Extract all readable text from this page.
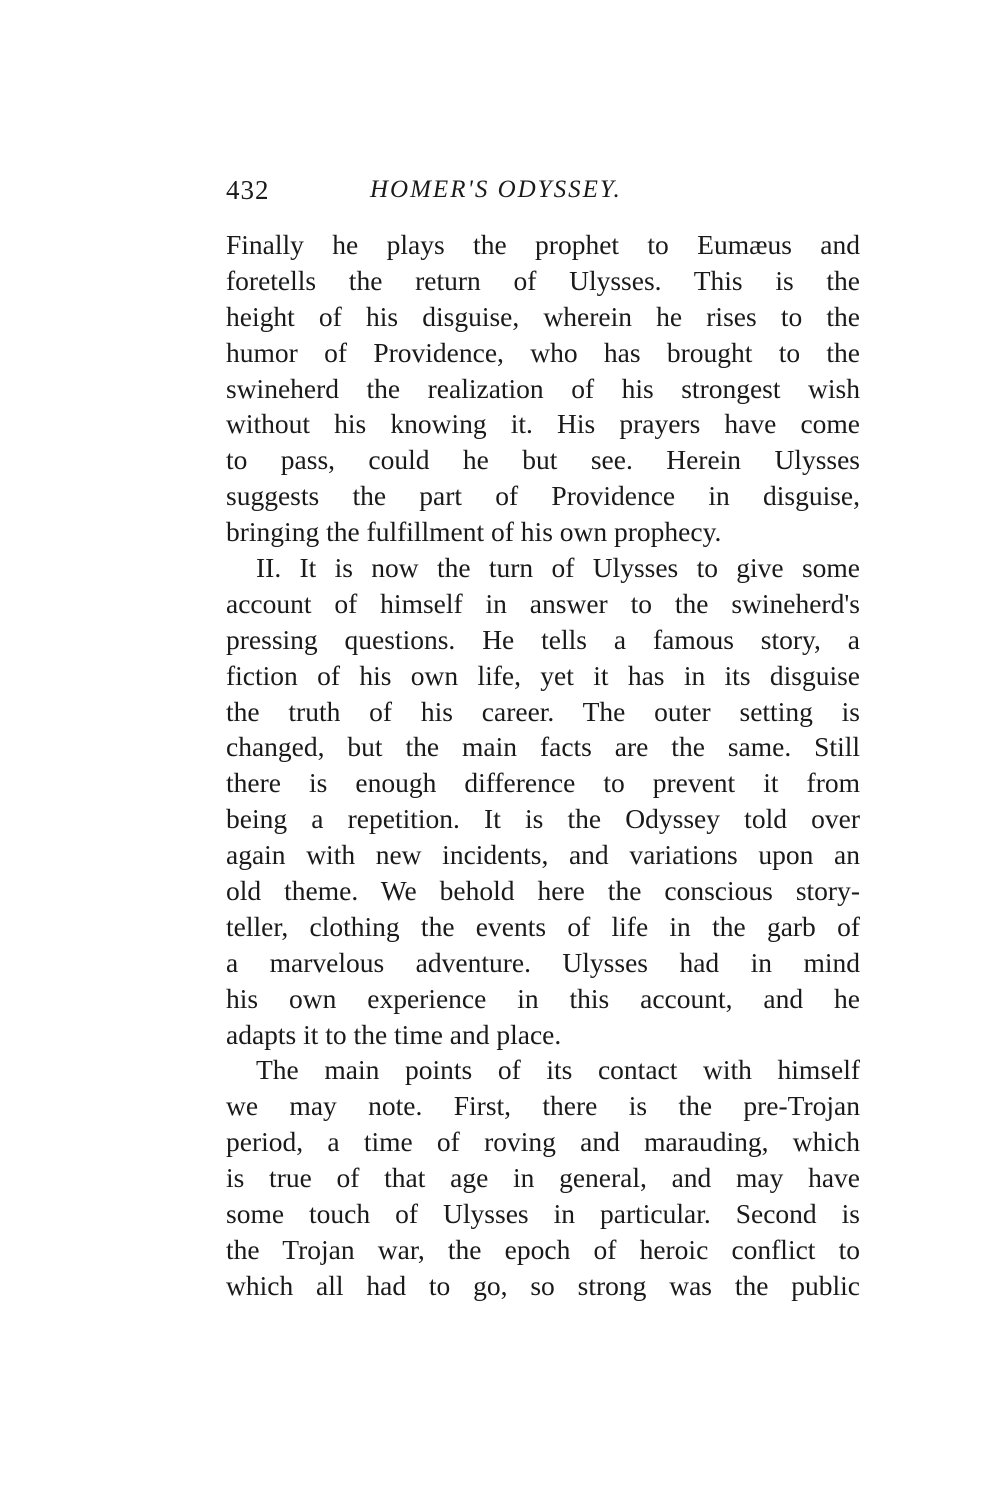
432	HOMER'S ODYSSEY.
Finally he plays the prophet to Eumæus and
foretells the return of Ulysses. This is the
height of his disguise, wherein he rises to the
humor of Providence, who has brought to the
swineherd the realization of his strongest wish
without his knowing it. His prayers have come
to pass, could he but see. Herein Ulysses
suggests the part of Providence in disguise,
bringing the fulfillment of his own prophecy.
II. It is now the turn of Ulysses to give some
account of himself in answer to the swineherd's
pressing questions. He tells a famous story, a
fiction of his own life, yet it has in its disguise
the truth of his career. The outer setting is
changed, but the main facts are the same. Still
there is enough difference to prevent it from
being a repetition. It is the Odyssey told over
again with new incidents, and variations upon an
old theme. We behold here the conscious story-
teller, clothing the events of life in the garb of
a marvelous adventure. Ulysses had in mind
his own experience in this account, and he
adapts it to the time and place.
The main points of its contact with himself
we may note. First, there is the pre-Trojan
period, a time of roving and marauding, which
is true of that age in general, and may have
some touch of Ulysses in particular. Second is
the Trojan war, the epoch of heroic conflict to
which all had to go, so strong was the public
